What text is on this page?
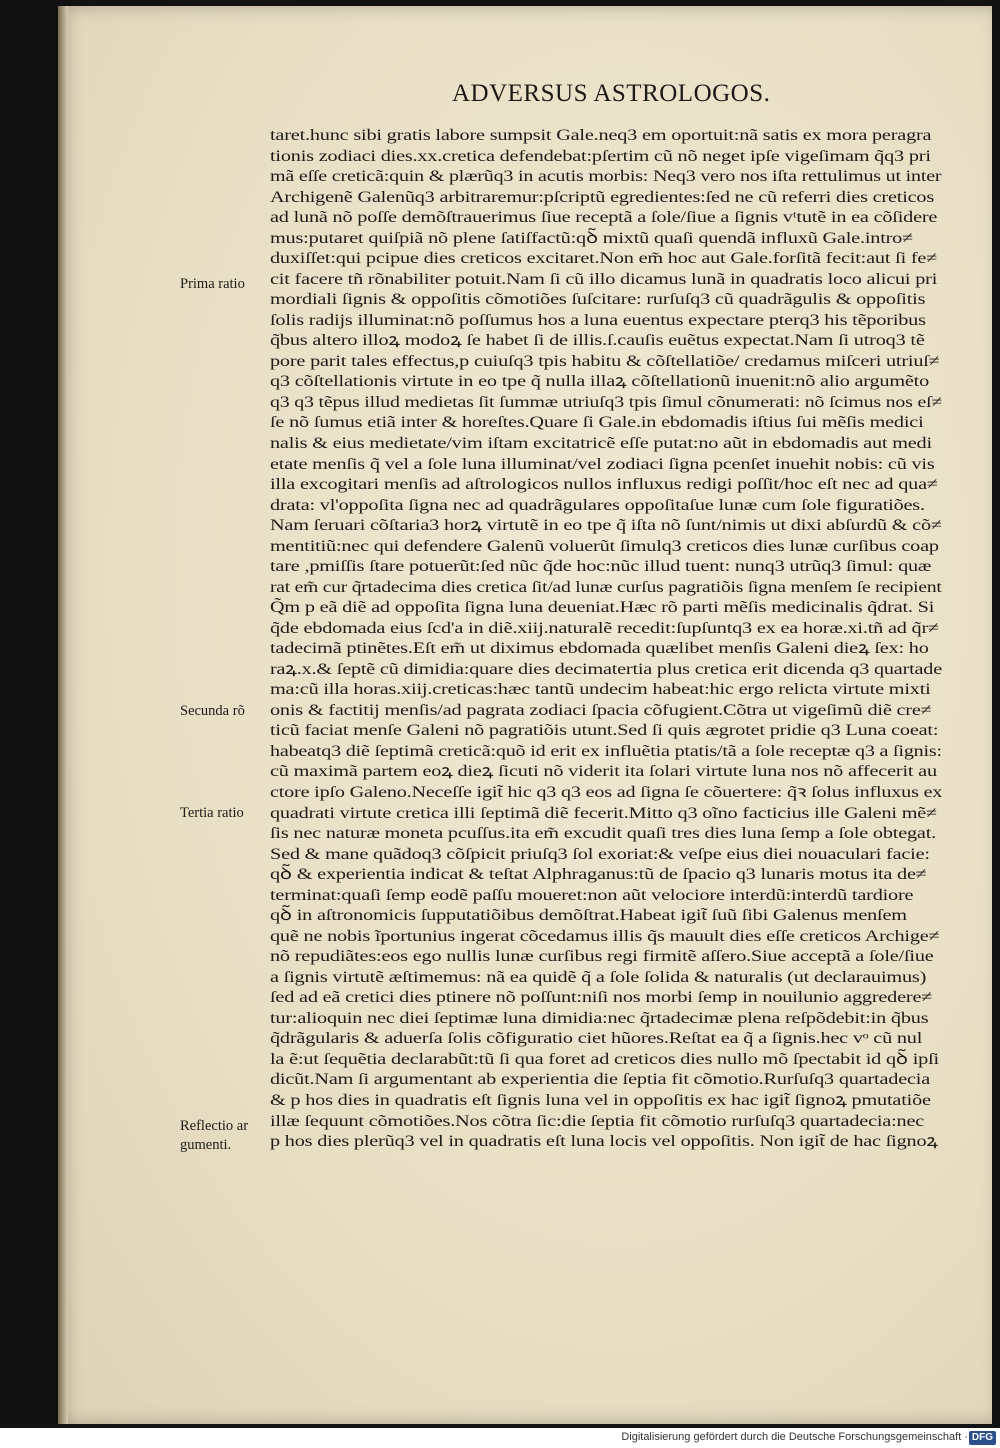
ADVERSUS ASTROLOGOS.
taret.hunc sibi gratis labore sumpsit Gale.neq3 em oportuit:nã satis ex mora peragra
tionis zodiaci dies.xx.cretica defendebat:pſertim cũ nõ neget ipſe vigeſimam q̃q3 pri
mã eſſe creticã:quin & plærũq3 in acutis morbis: Neq3 vero nos iſta rettulimus ut inter
Archigenẽ Galenũq3 arbitraremur:pſcriptũ egredientes:ſed ne cũ referri dies creticos
ad lunã nõ poſſe demõſtrauerimus ſiue receptã a ſole/ſiue a ſignis vᵗtutẽ in ea cõſidere
mus:putaret quiſpiã nõ plene ſatiſfactũ:qꝺ̃ mixtũ quaſi quendã influxũ Gale.intro≠
duxiſſet:qui pcipue dies creticos excitaret.Non em̃ hoc aut Gale.forſitã fecit:aut ſi fe≠
cit facere tñ rõnabiliter potuit.Nam ſi cũ illo dicamus lunã in quadratis loco alicui pri
mordiali ſignis & oppoſitis cõmotiões ſuſcitare: rurſuſq3 cũ quadrãgulis & oppoſitis
ſolis radijs illuminat:nõ poſſumus hos a luna euentus expectare pterq3 his tẽporibus
q̃bus altero illoꝝ modoꝝ ſe habet ſi de illis.ſ.cauſis euẽtus expectat.Nam ſi utroq3 tẽ
pore parit tales effectus,p cuiuſq3 tpis habitu & cõſtellatiõe/ credamus miſceri utriuſ≠
q3 cõſtellationis virtute in eo tpe q̃ nulla illaꝝ cõſtellationũ inuenit:nõ alio argumẽto
q3 q3 tẽpus illud medietas ſit ſummæ utriuſq3 tpis ſimul cõnumerati: nõ ſcimus nos eſ≠
ſe nõ ſumus etiã inter & horeſtes.Quare ſi Gale.in ebdomadis iſtius ſui mẽſis medici
nalis & eius medietate/vim iſtam excitatricẽ eſſe putat:no aũt in ebdomadis aut medi
etate menſis q̃ vel a ſole luna illuminat/vel zodiaci ſigna pcenſet inuehit nobis: cũ vis
illa excogitari menſis ad aſtrologicos nullos influxus redigi poſſit/hoc eſt nec ad qua≠
drata: vl'oppoſita ſigna nec ad quadrãgulares oppoſitaſue lunæ cum ſole figuratiões.
Nam ſeruari cõſtaria3 horꝝ virtutẽ in eo tpe q̃ iſta nõ ſunt/nimis ut dixi abſurdũ & cõ≠
mentitiũ:nec qui defendere Galenũ voluerũt ſimulq3 creticos dies lunæ curſibus coap
tare ,pmiſſis ſtare potuerũt:ſed nũc q̃de hoc:nũc illud tuent: nunq3 utrũq3 ſimul: quæ
rat em̃ cur q̃rtadecima dies cretica ſit/ad lunæ curſus pagratiõis ſigna menſem ſe recipient
Q̃m p eã diẽ ad oppoſita ſigna luna deueniat.Hæc rõ parti mẽſis medicinalis q̃drat. Si
q̃de ebdomada eius ſcd'a in diẽ.xiij.naturalẽ recedit:ſupſuntq3 ex ea horæ.xi.tñ ad q̃r≠
tadecimã ptinẽtes.Eſt em̃ ut diximus ebdomada quælibet menſis Galeni dieꝝ ſex: ho
raꝝ.x.& ſeptẽ cũ dimidia:quare dies decimatertia plus cretica erit dicenda q3 quartade
ma:cũ illa horas.xiij.creticas:hæc tantũ undecim habeat:hic ergo relicta virtute mixti
onis & factitij menſis/ad pagrata zodiaci ſpacia cõfugient.Cõtra ut vigeſimũ diẽ cre≠
ticũ faciat menſe Galeni nõ pagratiõis utunt.Sed ſi quis ægrotet pridie q3 Luna coeat:
habeatq3 diẽ ſeptimã creticã:quõ id erit ex influẽtia ptatis/tã a ſole receptæ q3 a ſignis:
cũ maximã partem eoꝝ dieꝝ ſicuti nõ viderit ita ſolari virtute luna nos nõ affecerit au
ctore ipſo Galeno.Neceſſe igit̃ hic q3 q3 eos ad ſigna ſe cõuertere: q̃ꝛ ſolus influxus ex
quadrati virtute cretica illi ſeptimã diẽ fecerit.Mitto q3 oĩno facticius ille Galeni mẽ≠
ſis nec naturæ moneta pcuſſus.ita em̃ excudit quaſi tres dies luna ſemp a ſole obtegat.
Sed & mane quãdoq3 cõſpicit priuſq3 ſol exoriat:& veſpe eius diei nouaculari facie:
qꝺ̃ & experientia indicat & teſtat Alphraganus:tũ de ſpacio q3 lunaris motus ita de≠
terminat:quaſi ſemp eodẽ paſſu moueret:non aũt velociore interdũ:interdũ tardiore
qꝺ̃ in aſtronomicis ſupputatiõibus demõſtrat.Habeat igit̃ ſuũ ſibi Galenus menſem
quẽ ne nobis ĩportunius ingerat cõcedamus illis q̃s mauult dies eſſe creticos Archige≠
nõ repudiãtes:eos ego nullis lunæ curſibus regi firmitẽ aſſero.Siue acceptã a ſole/ſiue
a ſignis virtutẽ æſtimemus: nã ea quidẽ q̃ a ſole ſolida & naturalis (ut declarauimus)
ſed ad eã cretici dies ptinere nõ poſſunt:niſi nos morbi ſemp in nouilunio aggredere≠
tur:alioquin nec diei ſeptimæ luna dimidia:nec q̃rtadecimæ plena reſpõdebit:in q̃bus
q̃drãgularis & aduerſa ſolis cõfiguratio ciet hũores.Reſtat ea q̃ a ſignis.hec vᵒ cũ nul
la ẽ:ut ſequẽtia declarabũt:tũ ſi qua foret ad creticos dies nullo mõ ſpectabit id qꝺ̃ ipſi
dicũt.Nam ſi argumentant ab experientia die ſeptia fit cõmotio.Rurſuſq3 quartadecia
& p hos dies in quadratis eſt ſignis luna vel in oppoſitis ex hac igit̃ ſignoꝝ pmutatiõe
illæ ſequunt cõmotiões.Nos cõtra ſic:die ſeptia fit cõmotio rurſuſq3 quartadecia:nec
p hos dies plerũq3 vel in quadratis eſt luna locis vel oppoſitis. Non igit̃ de hac ſignoꝝ
Prima ratio
Secunda rõ
Tertia ratio
Reflectio ar
gumenti.
Digitalisierung gefördert durch die Deutsche Forschungsgemeinschaft · DFG
